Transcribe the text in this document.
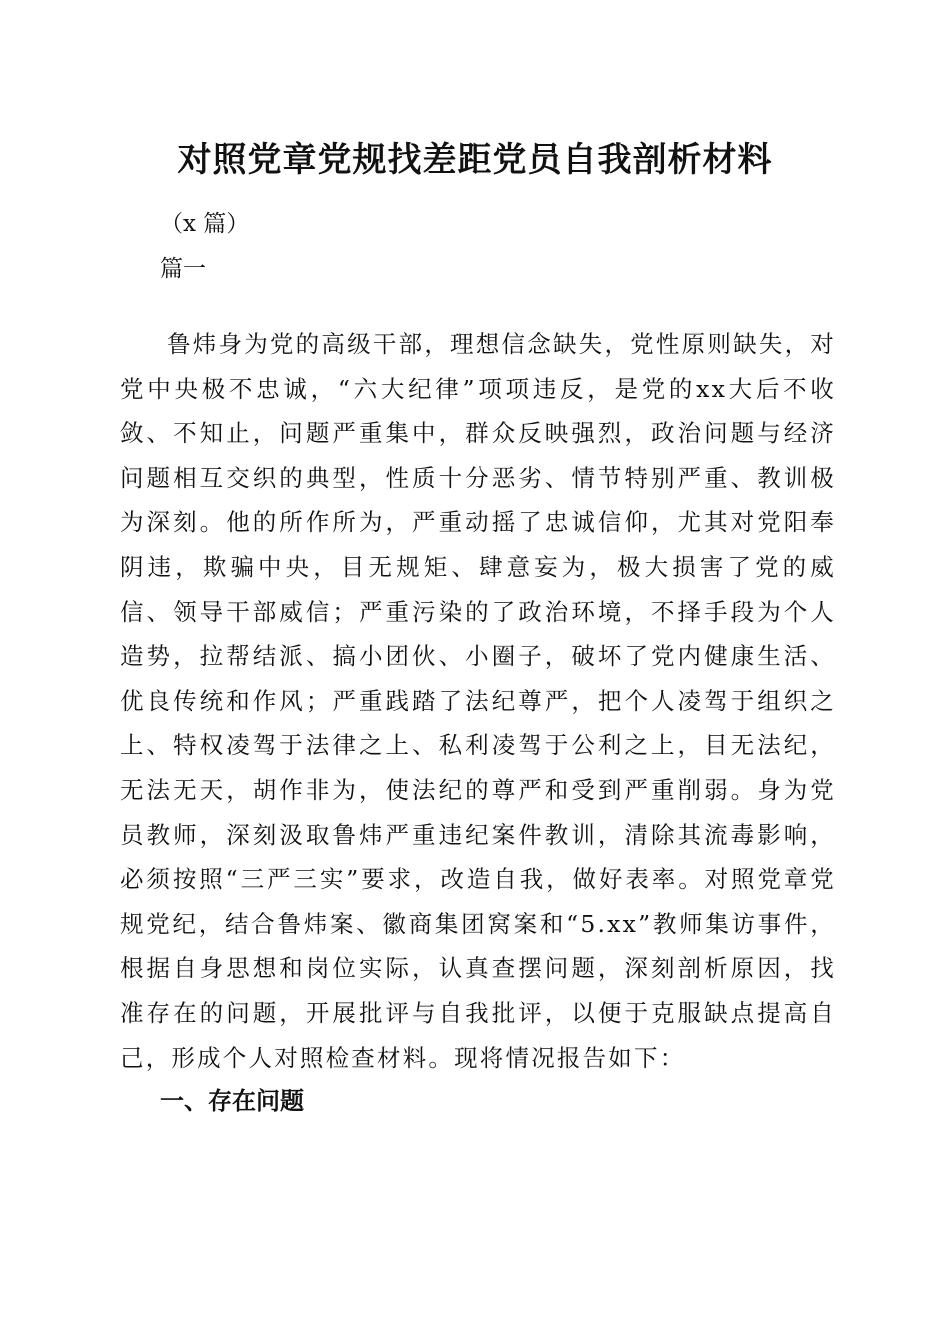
对照党章党规找差距党员自我剖析材料
（x 篇）
篇一

鲁炜身为党的高级干部，理想信念缺失，党性原则缺失，对党中央极不忠诚，“六大纪律”项项违反，是党的xx大后不收敛、不知止，问题严重集中，群众反映强烈，政治问题与经济问题相互交织的典型，性质十分恶劣、情节特别严重、教训极为深刻。他的所作所为，严重动摇了忠诚信仰，尤其对党阳奉阴违，欺骗中央，目无规矩、肆意妄为，极大损害了党的威信、领导干部威信；严重污染的了政治环境，不择手段为个人造势，拉帮结派、搞小团伙、小圈子，破坏了党内健康生活、优良传统和作风；严重践踏了法纪尊严，把个人凌驾于组织之上、特权凌驾于法律之上、私利凌驾于公利之上，目无法纪，无法无天，胡作非为，使法纪的尊严和受到严重削弱。身为党员教师，深刻汲取鲁炜严重违纪案件教训，清除其流毒影响，必须按照“三严三实”要求，改造自我，做好表率。对照党章党规党纪，结合鲁炜案、徽商集团窝案和“5.xx”教师集访事件，根据自身思想和岗位实际，认真查摆问题，深刻剖析原因，找准存在的问题，开展批评与自我批评，以便于克服缺点提高自己，形成个人对照检查材料。现将情况报告如下：

一、存在问题
